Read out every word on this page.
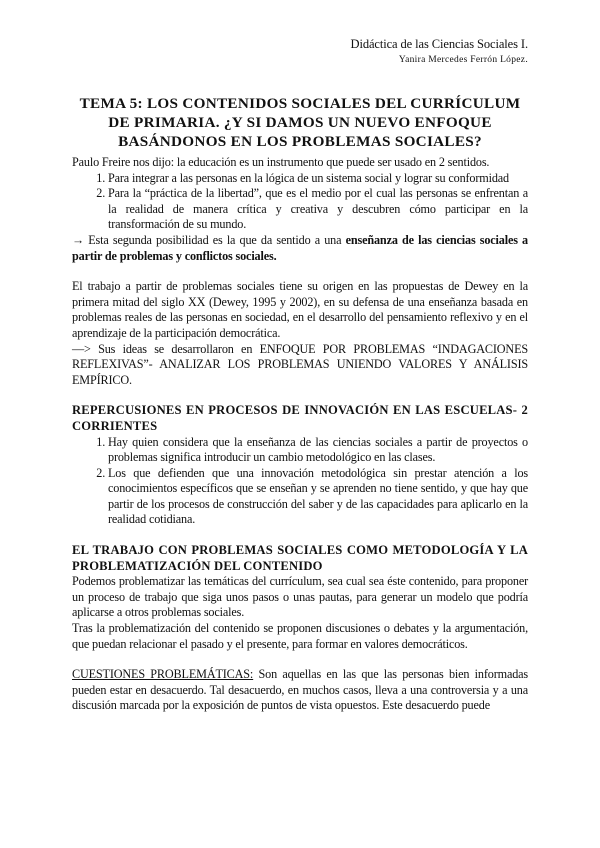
Didáctica de las Ciencias Sociales I.
Yanira Mercedes Ferrón López.
TEMA 5: LOS CONTENIDOS SOCIALES DEL CURRÍCULUM DE PRIMARIA. ¿Y SI DAMOS UN NUEVO ENFOQUE BASÁNDONOS EN LOS PROBLEMAS SOCIALES?

Paulo Freire nos dijo: la educación es un instrumento que puede ser usado en 2 sentidos.

1. Para integrar a las personas en la lógica de un sistema social y lograr su conformidad
2. Para la “práctica de la libertad”, que es el medio por el cual las personas se enfrentan a la realidad de manera crítica y creativa y descubren cómo participar en la transformación de su mundo.

→ Esta segunda posibilidad es la que da sentido a una enseñanza de las ciencias sociales a partir de problemas y conflictos sociales.

El trabajo a partir de problemas sociales tiene su origen en las propuestas de Dewey en la primera mitad del siglo XX (Dewey, 1995 y 2002), en su defensa de una enseñanza basada en problemas reales de las personas en sociedad, en el desarrollo del pensamiento reflexivo y en el aprendizaje de la participación democrática.

—> Sus ideas se desarrollaron en ENFOQUE POR PROBLEMAS “INDAGACIONES REFLEXIVAS”- ANALIZAR LOS PROBLEMAS UNIENDO VALORES Y ANÁLISIS EMPÍRICO.

REPERCUSIONES EN PROCESOS DE INNOVACIÓN EN LAS ESCUELAS- 2 CORRIENTES
1. Hay quien considera que la enseñanza de las ciencias sociales a partir de proyectos o problemas significa introducir un cambio metodológico en las clases.
2. Los que defienden que una innovación metodológica sin prestar atención a los conocimientos específicos que se enseñan y se aprenden no tiene sentido, y que hay que partir de los procesos de construcción del saber y de las capacidades para aplicarlo en la realidad cotidiana.
EL TRABAJO CON PROBLEMAS SOCIALES COMO METODOLOGÍA Y LA PROBLEMATIZACIÓN DEL CONTENIDO

Podemos problematizar las temáticas del currículum, sea cual sea éste contenido, para proponer un proceso de trabajo que siga unos pasos o unas pautas, para generar un modelo que podría aplicarse a otros problemas sociales.

Tras la problematización del contenido se proponen discusiones o debates y la argumentación, que puedan relacionar el pasado y el presente, para formar en valores democráticos.

CUESTIONES PROBLEMÁTICAS: Son aquellas en las que las personas bien informadas pueden estar en desacuerdo. Tal desacuerdo, en muchos casos, lleva a una controversia y a una discusión marcada por la exposición de puntos de vista opuestos. Este desacuerdo puede
